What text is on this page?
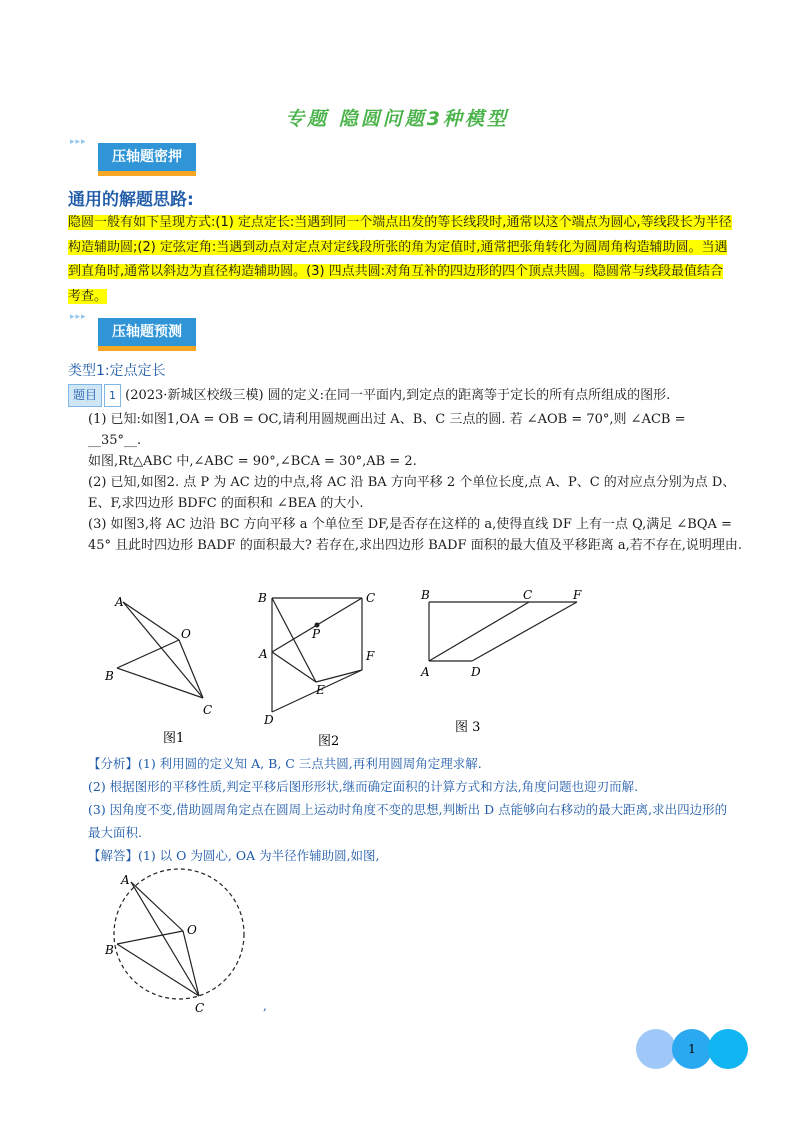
专题 隐圆问题3种模型
▸▸▸
压轴题密押
通用的解题思路:
隐圆一般有如下呈现方式:(1) 定点定长:当遇到同一个端点出发的等长线段时,通常以这个端点为圆心,等线段长为半径构造辅助圆;(2) 定弦定角:当遇到动点对定点对定线段所张的角为定值时,通常把张角转化为圆周角构造辅助圆。当遇到直角时,通常以斜边为直径构造辅助圆。(3) 四点共圆:对角互补的四边形的四个顶点共圆。隐圆常与线段最值结合考查。
▸▸▸
压轴题预测
类型1:定点定长
题目 1 (2023·新城区校级三模) 圆的定义:在同一平面内,到定点的距离等于定长的所有点所组成的图形.
(1) 已知:如图1,OA = OB = OC,请利用圆规画出过 A、B、C 三点的圆. 若 ∠AOB = 70°,则 ∠ACB =
__35°__.
如图,Rt△ABC 中,∠ABC = 90°,∠BCA = 30°,AB = 2.
(2) 已知,如图2. 点 P 为 AC 边的中点,将 AC 沿 BA 方向平移 2 个单位长度,点 A、P、C 的对应点分别为点 D、E、F,求四边形 BDFC 的面积和 ∠BEA 的大小.
(3) 如图3,将 AC 边沿 BC 方向平移 a 个单位至 DF,是否存在这样的 a,使得直线 DF 上有一点 Q,满足 ∠BQA = 45° 且此时四边形 BADF 的面积最大? 若存在,求出四边形 BADF 面积的最大值及平移距离 a,若不存在,说明理由.
A
O
B
C
图1
B	C
P
A	F
E
D
图2
B	C	F
A	D
图 3
【分析】(1) 利用圆的定义知 A, B, C 三点共圆,再利用圆周角定理求解.
(2) 根据图形的平移性质,判定平移后图形形状,继而确定面积的计算方式和方法,角度问题也迎刃而解.
(3) 因角度不变,借助圆周角定点在圆周上运动时角度不变的思想,判断出 D 点能够向右移动的最大距离,求出四边形的最大面积.
【解答】(1) 以 O 为圆心, OA 为半径作辅助圆,如图,
A
O
B
C	,
1
